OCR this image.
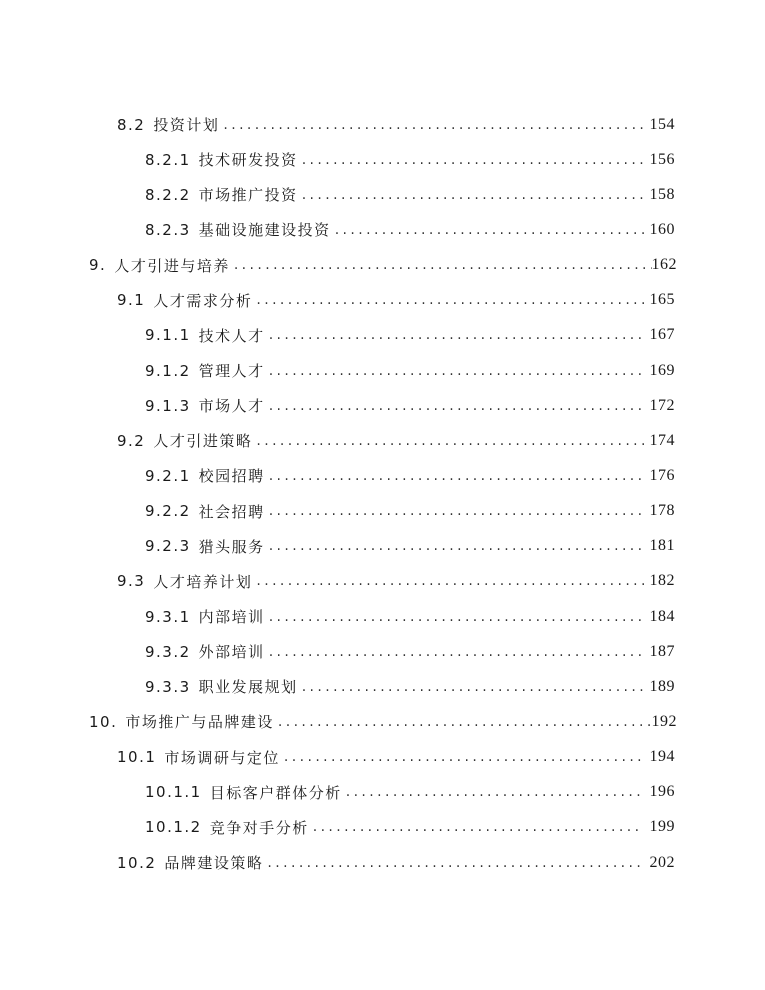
8.2 投资计划 .....	154
8.2.1 技术研发投资 .....	156
8.2.2 市场推广投资 .....	158
8.2.3 基础设施建设投资 .....	160
9. 人才引进与培养 .....	162
9.1 人才需求分析 .....	165
9.1.1 技术人才 .....	167
9.1.2 管理人才 .....	169
9.1.3 市场人才 .....	172
9.2 人才引进策略 .....	174
9.2.1 校园招聘 .....	176
9.2.2 社会招聘 .....	178
9.2.3 猎头服务 .....	181
9.3 人才培养计划 .....	182
9.3.1 内部培训 .....	184
9.3.2 外部培训 .....	187
9.3.3 职业发展规划 .....	189
10. 市场推广与品牌建设 .....	192
10.1 市场调研与定位 .....	194
10.1.1 目标客户群体分析 .....	196
10.1.2 竞争对手分析 .....	199
10.2 品牌建设策略 .....	202
